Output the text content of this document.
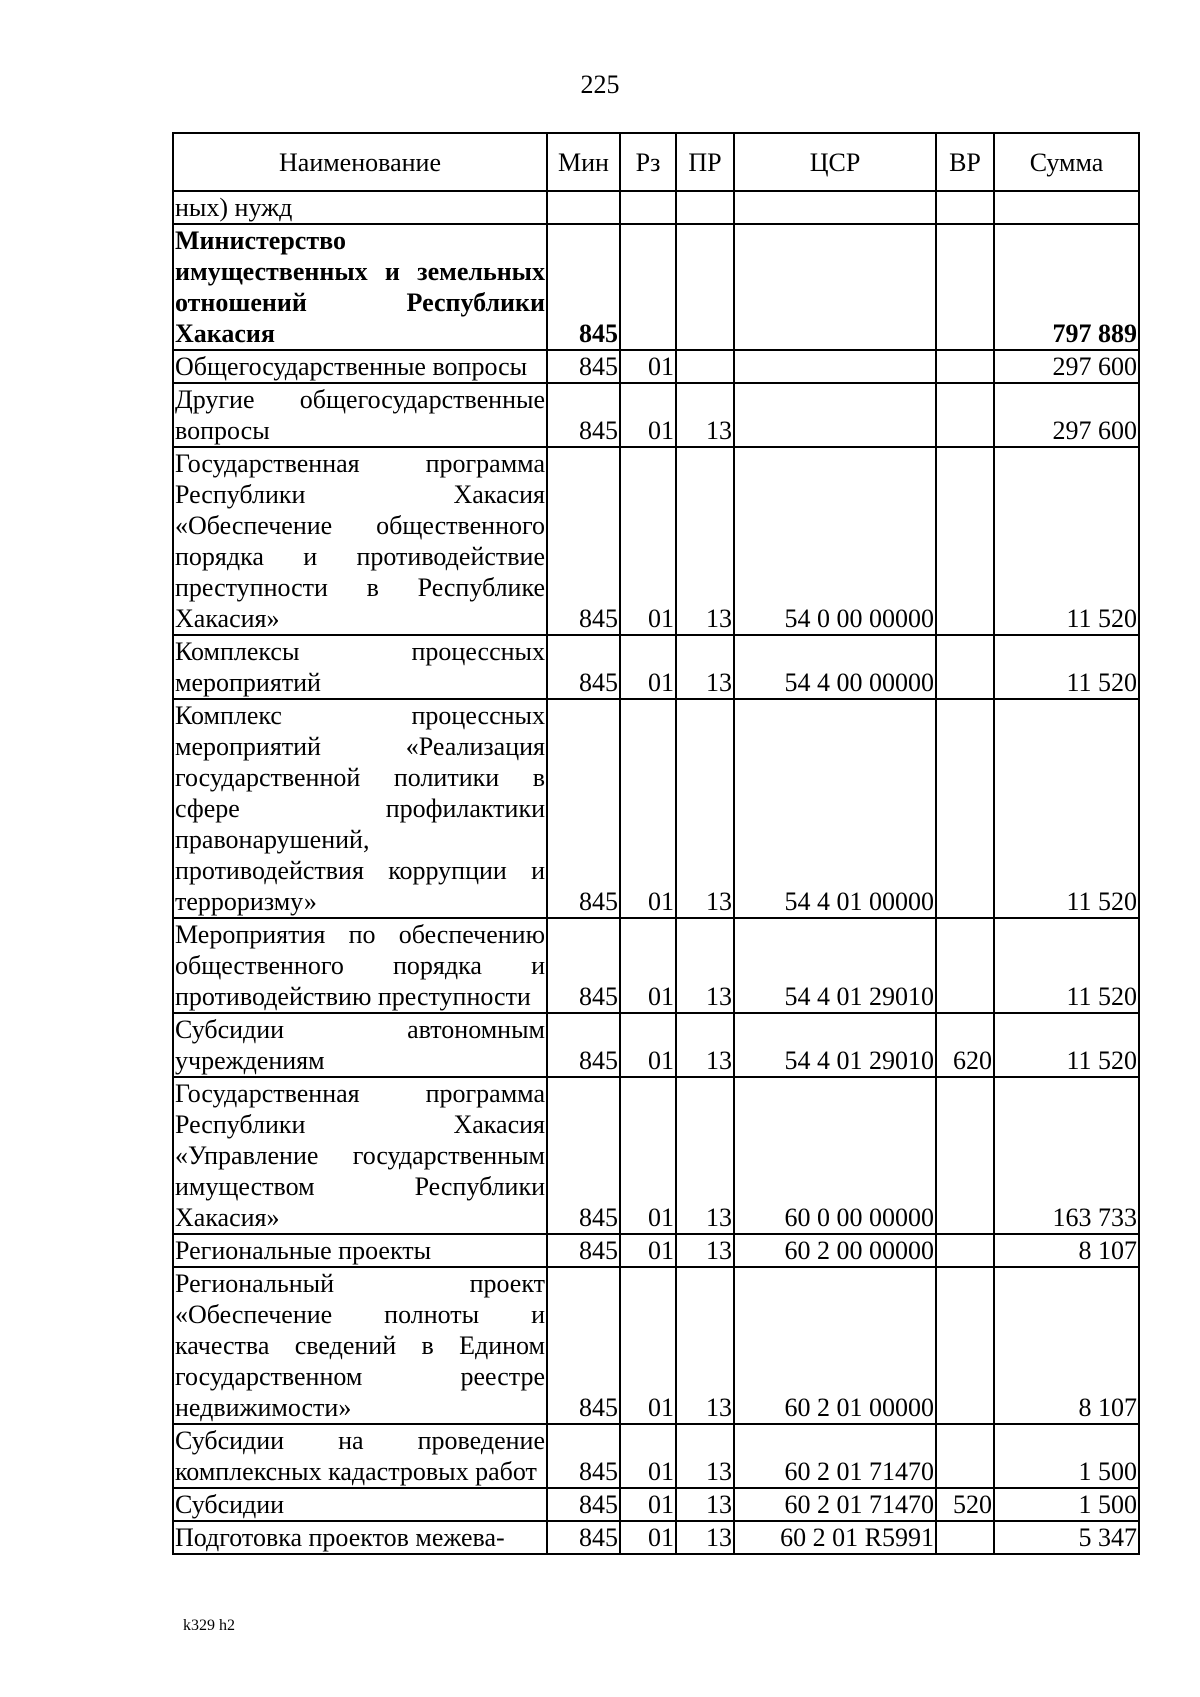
225
Наименование	Мин	Рз	ПР	ЦСР	ВР	Сумма
ных) нужд						
Министерство имущественных и земельных отношений Республики Хакасия	845					797 889
Общегосударственные вопросы	845	01				297 600
Другие общегосударственные вопросы	845	01	13			297 600
Государственная программа Республики Хакасия «Обеспечение общественного порядка и противодействие преступности в Республике Хакасия»	845	01	13	54 0 00 00000		11 520
Комплексы процессных мероприятий	845	01	13	54 4 00 00000		11 520
Комплекс процессных мероприятий «Реализация государственной политики в сфере профилактики правонарушений, противодействия коррупции и терроризму»	845	01	13	54 4 01 00000		11 520
Мероприятия по обеспечению общественного порядка и противодействию преступности	845	01	13	54 4 01 29010		11 520
Субсидии автономным учреждениям	845	01	13	54 4 01 29010	620	11 520
Государственная программа Республики Хакасия «Управление государственным имуществом Республики Хакасия»	845	01	13	60 0 00 00000		163 733
Региональные проекты	845	01	13	60 2 00 00000		8 107
Региональный проект «Обеспечение полноты и качества сведений в Едином государственном реестре недвижимости»	845	01	13	60 2 01 00000		8 107
Субсидии на проведение комплексных кадастровых работ	845	01	13	60 2 01 71470		1 500
Субсидии	845	01	13	60 2 01 71470	520	1 500
Подготовка проектов межева-	845	01	13	60 2 01 R5991		5 347
k329 h2
